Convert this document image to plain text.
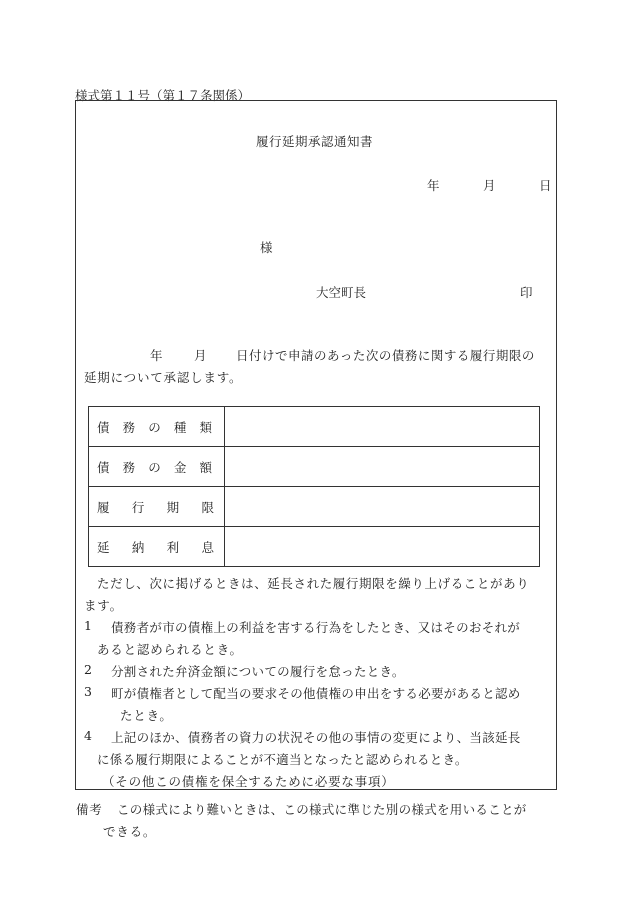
様式第１１号（第１７条関係）
履行延期承認通知書
年	月	日
様
大空町長	印
年	月 日付けで申請のあった次の債務に関する履行期限の
延期について承認します。
債 務 の 種 類	

債 務 の 金 額	

履 行 期 限	

延 納 利 息	

ただし、次に掲げるときは、延長された履行期限を繰り上げることがあり
ます。
1 債務者が市の債権上の利益を害する行為をしたとき、又はそのおそれが
あると認められるとき。
2 分割された弁済金額についての履行を怠ったとき。
3 町が債権者として配当の要求その他債権の申出をする必要があると認め
たとき。
4 上記のほか、債務者の資力の状況その他の事情の変更により、当該延長
に係る履行期限によることが不適当となったと認められるとき。
（その他この債権を保全するために必要な事項）
備考 この様式により難いときは、この様式に準じた別の様式を用いることが
できる。
